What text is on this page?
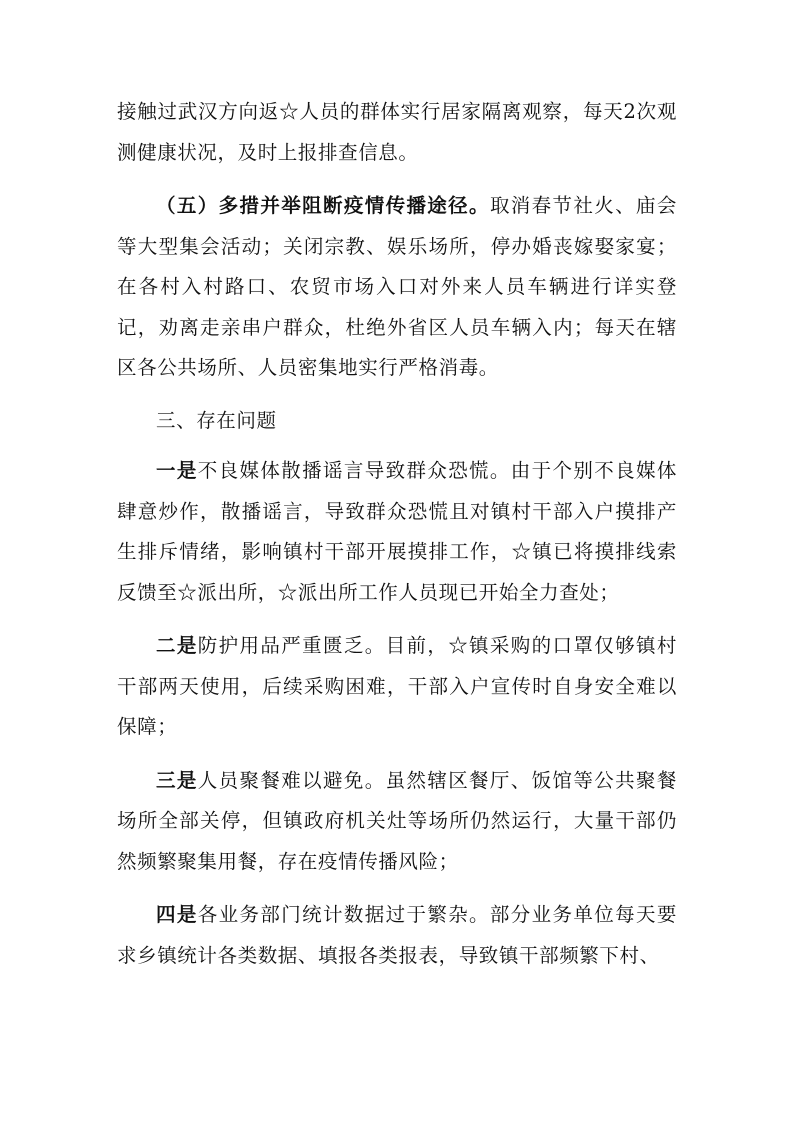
接触过武汉方向返☆人员的群体实行居家隔离观察，每天2次观测健康状况，及时上报排查信息。

（五）多措并举阻断疫情传播途径。取消春节社火、庙会等大型集会活动；关闭宗教、娱乐场所，停办婚丧嫁娶家宴；在各村入村路口、农贸市场入口对外来人员车辆进行详实登记，劝离走亲串户群众，杜绝外省区人员车辆入内；每天在辖区各公共场所、人员密集地实行严格消毒。

三、存在问题

一是不良媒体散播谣言导致群众恐慌。由于个别不良媒体肆意炒作，散播谣言，导致群众恐慌且对镇村干部入户摸排产生排斥情绪，影响镇村干部开展摸排工作，☆镇已将摸排线索反馈至☆派出所，☆派出所工作人员现已开始全力查处；

二是防护用品严重匮乏。目前，☆镇采购的口罩仅够镇村干部两天使用，后续采购困难，干部入户宣传时自身安全难以保障；

三是人员聚餐难以避免。虽然辖区餐厅、饭馆等公共聚餐场所全部关停，但镇政府机关灶等场所仍然运行，大量干部仍然频繁聚集用餐，存在疫情传播风险；

四是各业务部门统计数据过于繁杂。部分业务单位每天要求乡镇统计各类数据、填报各类报表，导致镇干部频繁下村、
